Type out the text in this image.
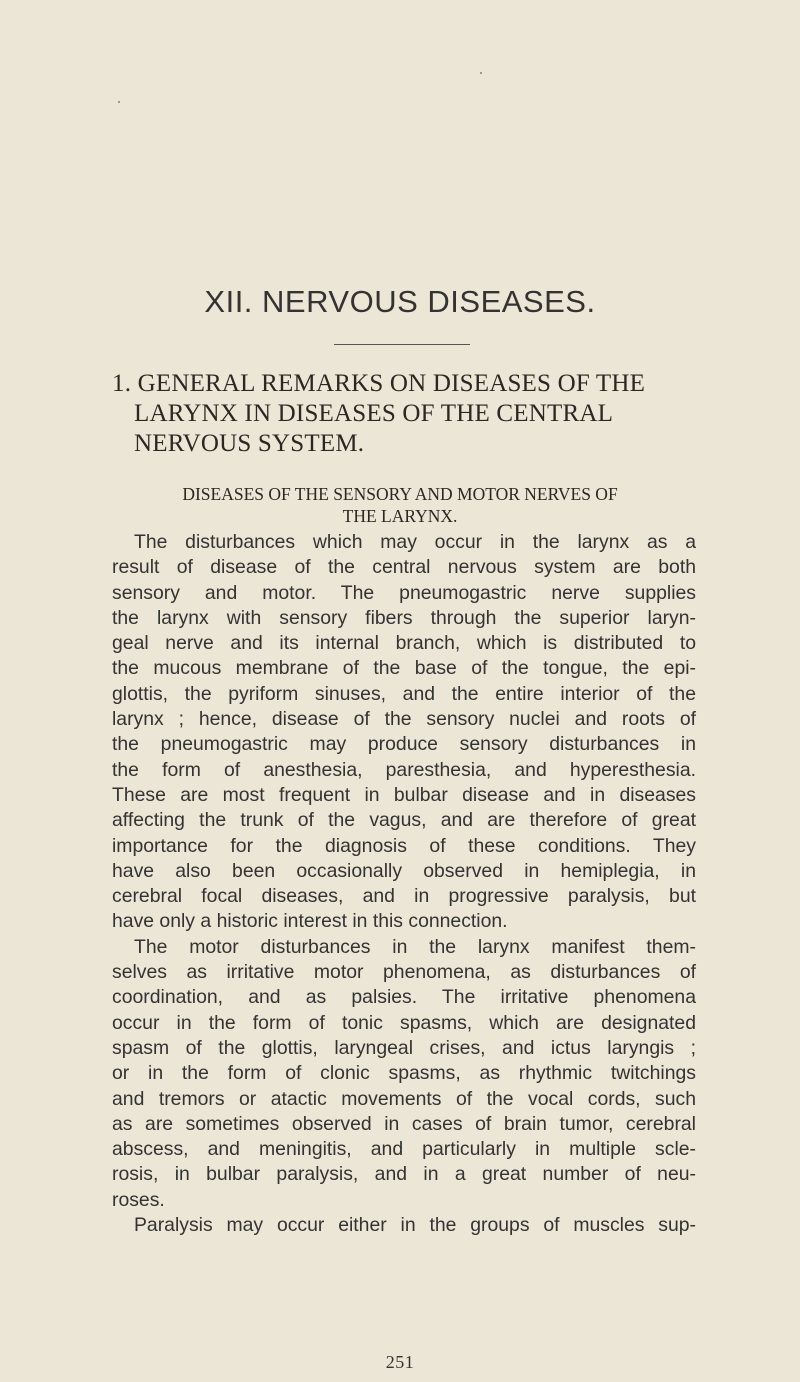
XII. NERVOUS DISEASES.
1. GENERAL REMARKS ON DISEASES OF THE
LARYNX IN DISEASES OF THE CENTRAL
NERVOUS SYSTEM.
DISEASES OF THE SENSORY AND MOTOR NERVES OF
THE LARYNX.
The disturbances which may occur in the larynx as a
result of disease of the central nervous system are both
sensory and motor. The pneumogastric nerve supplies
the larynx with sensory fibers through the superior laryn-
geal nerve and its internal branch, which is distributed to
the mucous membrane of the base of the tongue, the epi-
glottis, the pyriform sinuses, and the entire interior of the
larynx ; hence, disease of the sensory nuclei and roots of
the pneumogastric may produce sensory disturbances in
the form of anesthesia, paresthesia, and hyperesthesia.
These are most frequent in bulbar disease and in diseases
affecting the trunk of the vagus, and are therefore of great
importance for the diagnosis of these conditions. They
have also been occasionally observed in hemiplegia, in
cerebral focal diseases, and in progressive paralysis, but
have only a historic interest in this connection.
The motor disturbances in the larynx manifest them-
selves as irritative motor phenomena, as disturbances of
coordination, and as palsies. The irritative phenomena
occur in the form of tonic spasms, which are designated
spasm of the glottis, laryngeal crises, and ictus laryngis ;
or in the form of clonic spasms, as rhythmic twitchings
and tremors or atactic movements of the vocal cords, such
as are sometimes observed in cases of brain tumor, cerebral
abscess, and meningitis, and particularly in multiple scle-
rosis, in bulbar paralysis, and in a great number of neu-
roses.
Paralysis may occur either in the groups of muscles sup-
251
